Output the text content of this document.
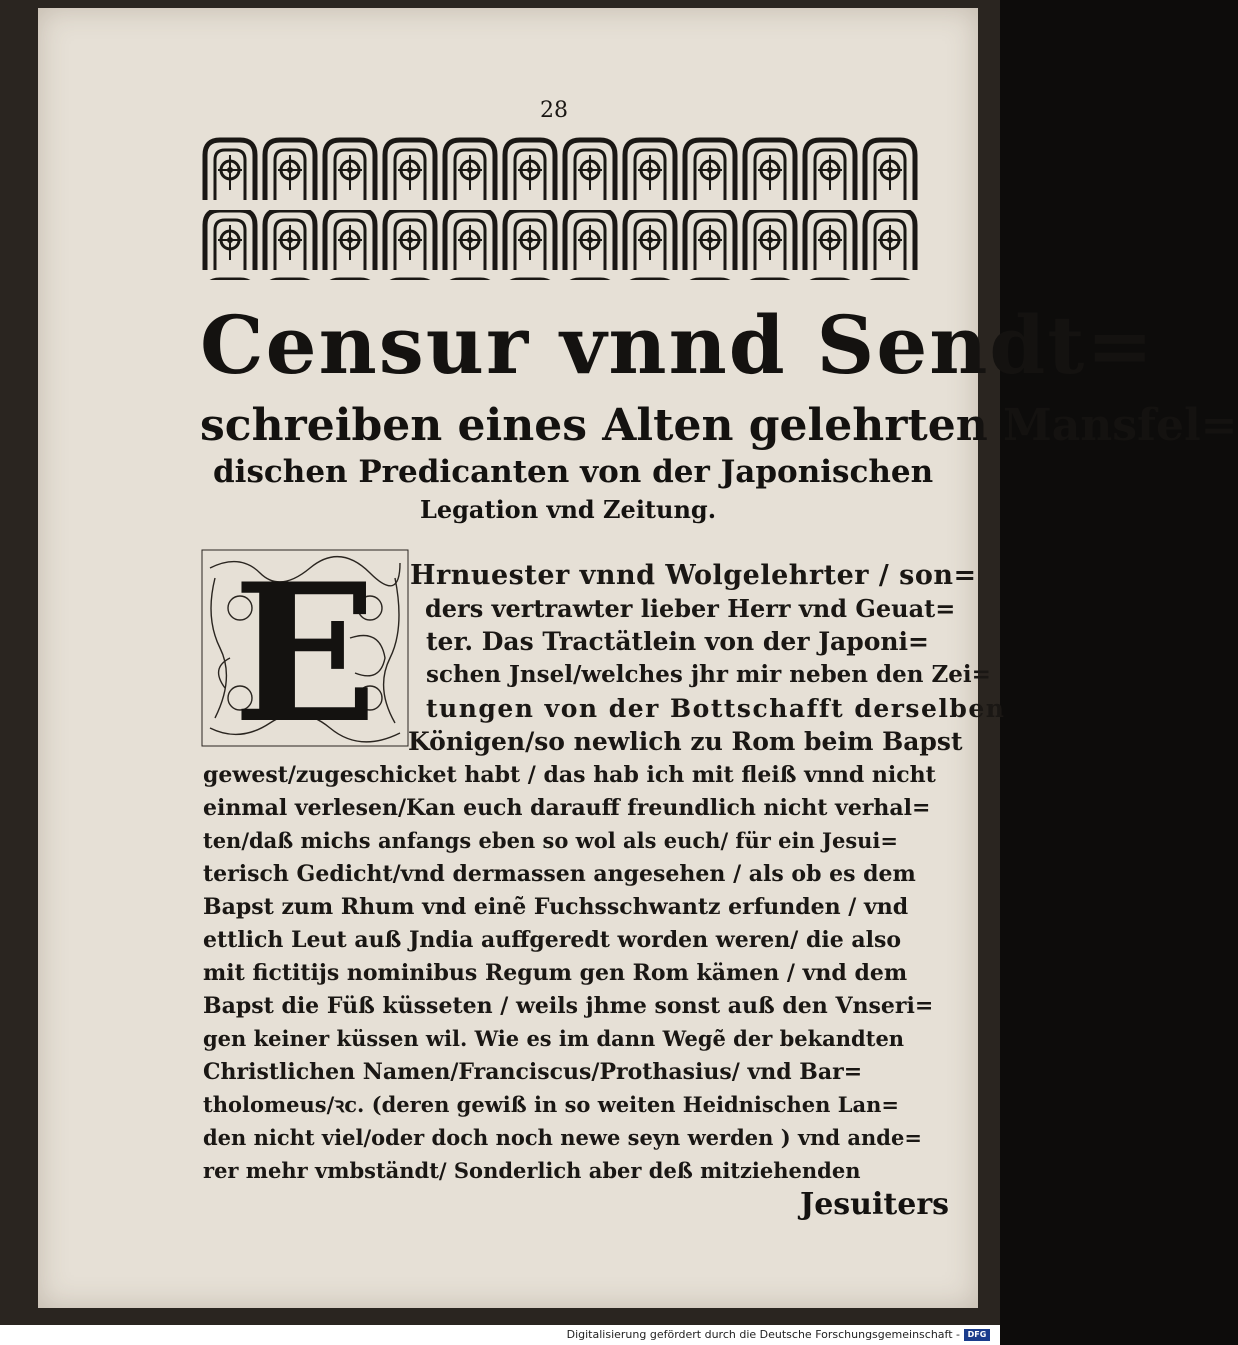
28
Censur vnnd Sendt=
schreiben eines Alten gelehrten Mansfel=
dischen Predicanten von der Japonischen
Legation vnd Zeitung.
E Hrnuester vnnd Wolgelehrter / son=
ders vertrawter lieber Herr vnd Geuat=
ter. Das Tractätlein von der Japoni=
schen Jnsel/welches jhr mir neben den Zei=
tungen von der Bottschafft derselben
Königen/so newlich zu Rom beim Bapst
gewest/zugeschicket habt / das hab ich mit fleiß vnnd nicht
einmal verlesen/Kan euch darauff freundlich nicht verhal=
ten/daß michs anfangs eben so wol als euch/ für ein Jesui=
terisch Gedicht/vnd dermassen angesehen / als ob es dem
Bapst zum Rhum vnd einẽ Fuchsschwantz erfunden / vnd
ettlich Leut auß Jndia auffgeredt worden weren/ die also
mit fictitijs nominibus Regum gen Rom kämen / vnd dem
Bapst die Füß küsseten / weils jhme sonst auß den Vnseri=
gen keiner küssen wil. Wie es im dann Wegẽ der bekandten
Christlichen Namen/Franciscus/Prothasius/ vnd Bar=
tholomeus/ꝛc. (deren gewiß in so weiten Heidnischen Lan=
den nicht viel/oder doch noch newe seyn werden ) vnd ande=
rer mehr vmbständt/ Sonderlich aber deß mitziehenden
Jesuiters
Digitalisierung gefördert durch die Deutsche Forschungsgemeinschaft - DFG
